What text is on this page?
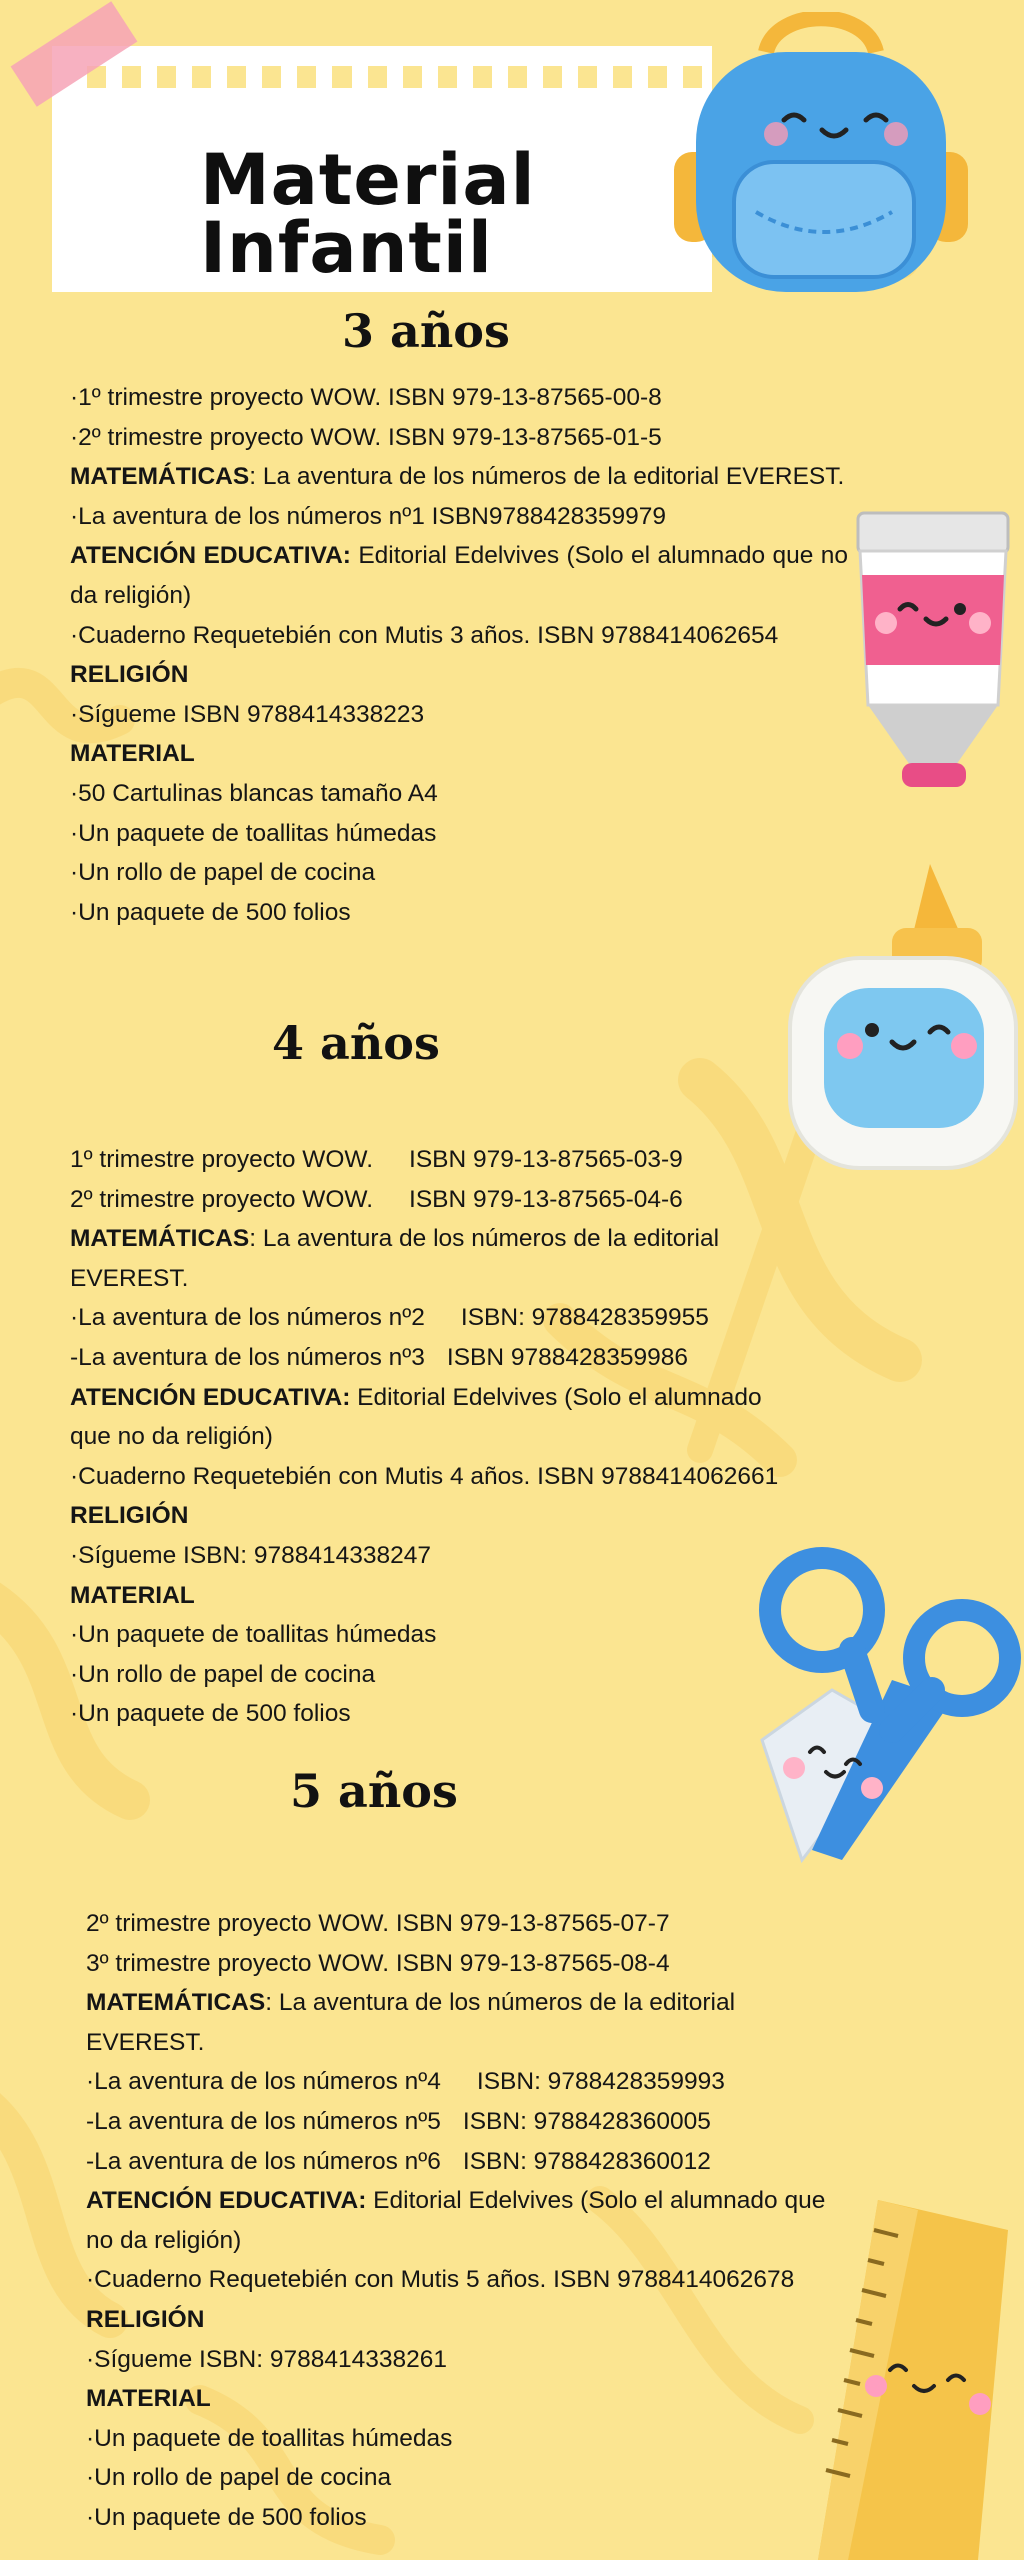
Material
Infantil
3 años
·1º trimestre proyecto WOW. ISBN 979-13-87565-00-8
·2º trimestre proyecto WOW. ISBN 979-13-87565-01-5
MATEMÁTICAS: La aventura de los números de la editorial EVEREST.
·La aventura de los números nº1 ISBN9788428359979
ATENCIÓN EDUCATIVA: Editorial Edelvives (Solo el alumnado que no da religión)
·Cuaderno Requetebién con Mutis 3 años. ISBN 9788414062654
RELIGIÓN
·Sígueme ISBN 9788414338223
MATERIAL
·50 Cartulinas blancas tamaño A4
·Un paquete de toallitas húmedas
·Un rollo de papel de cocina
·Un paquete de 500 folios
4 años
1º trimestre proyecto WOW. ISBN 979-13-87565-03-9
2º trimestre proyecto WOW. ISBN 979-13-87565-04-6
MATEMÁTICAS: La aventura de los números de la editorial EVEREST.
·La aventura de los números nº2 ISBN: 9788428359955
-La aventura de los números nº3 ISBN 9788428359986
ATENCIÓN EDUCATIVA: Editorial Edelvives (Solo el alumnado que no da religión)
·Cuaderno Requetebién con Mutis 4 años. ISBN 9788414062661
RELIGIÓN
·Sígueme ISBN: 9788414338247
MATERIAL
·Un paquete de toallitas húmedas
·Un rollo de papel de cocina
·Un paquete de 500 folios
5 años
2º trimestre proyecto WOW. ISBN 979-13-87565-07-7
3º trimestre proyecto WOW. ISBN 979-13-87565-08-4
MATEMÁTICAS: La aventura de los números de la editorial EVEREST.
·La aventura de los números nº4 ISBN: 9788428359993
-La aventura de los números nº5 ISBN: 9788428360005
-La aventura de los números nº6 ISBN: 9788428360012
ATENCIÓN EDUCATIVA: Editorial Edelvives (Solo el alumnado que no da religión)
·Cuaderno Requetebién con Mutis 5 años. ISBN 9788414062678
RELIGIÓN
·Sígueme ISBN: 9788414338261
MATERIAL
·Un paquete de toallitas húmedas
·Un rollo de papel de cocina
·Un paquete de 500 folios
